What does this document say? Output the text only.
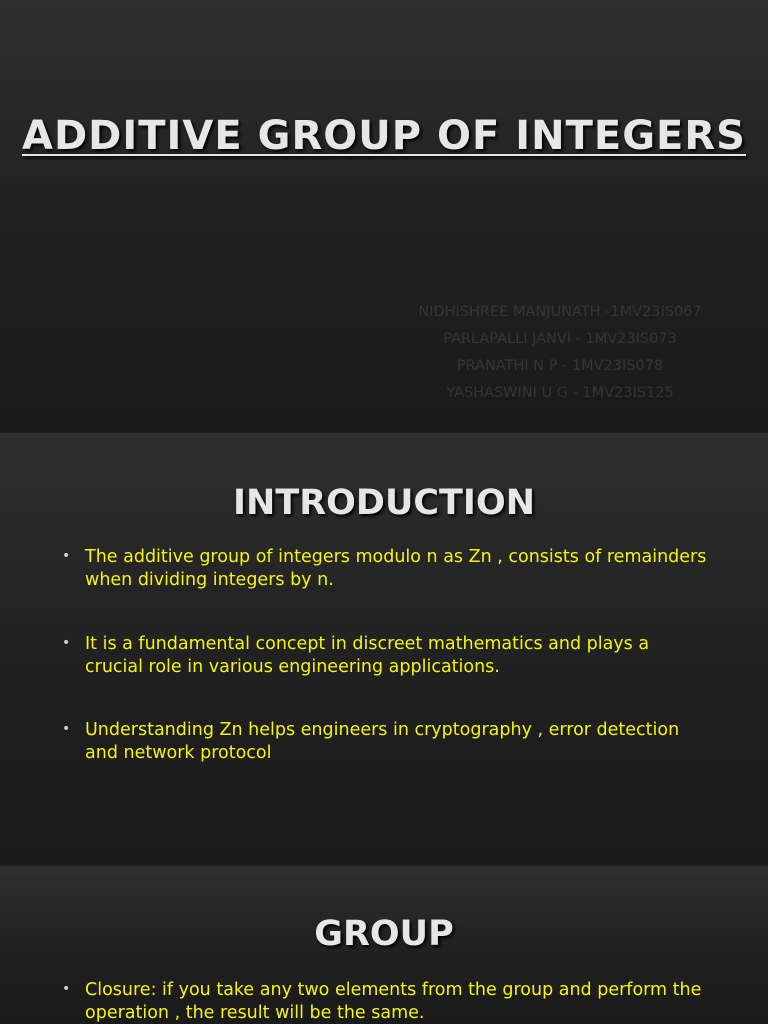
ADDITIVE GROUP OF INTEGERS
NIDHISHREE MANJUNATH -1MV23IS067
PARLAPALLI JANVI - 1MV23IS073
PRANATHI N P - 1MV23IS078
YASHASWINI U G - 1MV23IS125
INTRODUCTION
• The additive group of integers modulo n as Zn , consists of remainders when dividing integers by n.
• It is a fundamental concept in discreet mathematics and plays a crucial role in various engineering applications.
• Understanding Zn helps engineers in cryptography , error detection and network protocol
GROUP
• Closure: if you take any two elements from the group and perform the operation , the result will be the same.
